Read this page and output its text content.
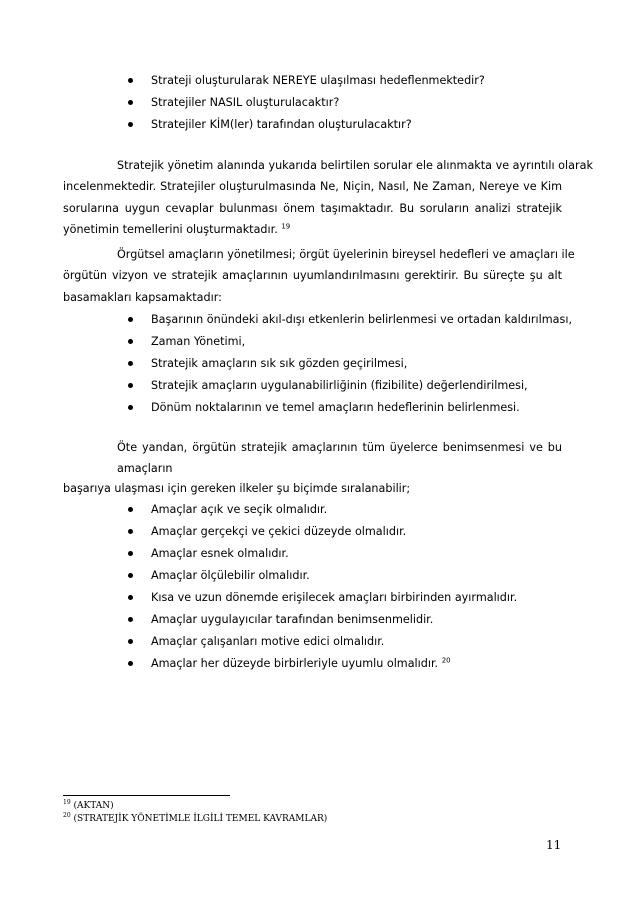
Strateji oluşturularak NEREYE ulaşılması hedeflenmektedir?
Stratejiler NASIL oluşturulacaktır?
Stratejiler KİM(ler) tarafından oluşturulacaktır?
Stratejik yönetim alanında yukarıda belirtilen sorular ele alınmakta ve ayrıntılı olarak
incelenmektedir. Stratejiler oluşturulmasında Ne, Niçin, Nasıl, Ne Zaman, Nereye ve Kim
sorularına uygun cevaplar bulunması önem taşımaktadır. Bu soruların analizi stratejik
yönetimin temellerini oluşturmaktadır. $^{19}$
Örgütsel amaçların yönetilmesi; örgüt üyelerinin bireysel hedefleri ve amaçları ile
örgütün vizyon ve stratejik amaçlarının uyumlandırılmasını gerektirir. Bu süreçte şu alt
basamakları kapsamaktadır:
Başarının önündeki akıl-dışı etkenlerin belirlenmesi ve ortadan kaldırılması,
Zaman Yönetimi,
Stratejik amaçların sık sık gözden geçirilmesi,
Stratejik amaçların uygulanabilirliğinin (fizibilite) değerlendirilmesi,
Dönüm noktalarının ve temel amaçların hedeflerinin belirlenmesi.
Öte yandan, örgütün stratejik amaçlarının tüm üyelerce benimsenmesi ve bu
amaçların
başarıya ulaşması için gereken ilkeler şu biçimde sıralanabilir;
Amaçlar açık ve seçik olmalıdır.
Amaçlar gerçekçi ve çekici düzeyde olmalıdır.
Amaçlar esnek olmalıdır.
Amaçlar ölçülebilir olmalıdır.
Kısa ve uzun dönemde erişilecek amaçları birbirinden ayırmalıdır.
Amaçlar uygulayıcılar tarafından benimsenmelidir.
Amaçlar çalışanları motive edici olmalıdır.
Amaçlar her düzeyde birbirleriyle uyumlu olmalıdır. $^{20}$
$^{19}$ (AKTAN)
$^{20}$ (STRATEJİK YÖNETİMLE İLGİLİ TEMEL KAVRAMLAR)
11
